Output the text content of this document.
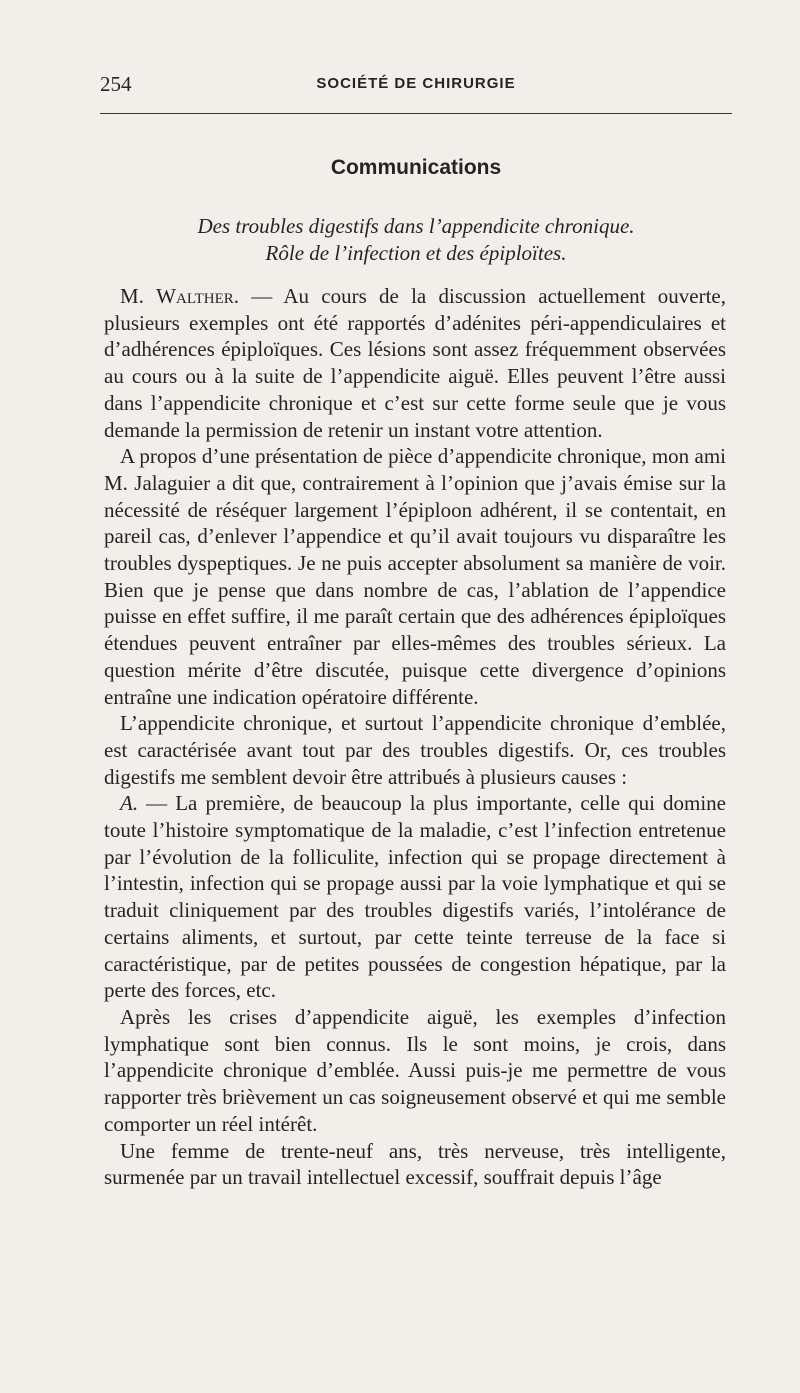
254	SOCIÉTÉ DE CHIRURGIE
Communications
Des troubles digestifs dans l’appendicite chronique.
Rôle de l’infection et des épiploïtes.

M. Walther. — Au cours de la discussion actuellement ouverte, plusieurs exemples ont été rapportés d’adénites péri-appendiculaires et d’adhérences épiploïques. Ces lésions sont assez fréquemment observées au cours ou à la suite de l’appendicite aiguë. Elles peuvent l’être aussi dans l’appendicite chronique et c’est sur cette forme seule que je vous demande la permission de retenir un instant votre attention.

A propos d’une présentation de pièce d’appendicite chronique, mon ami M. Jalaguier a dit que, contrairement à l’opinion que j’avais émise sur la nécessité de réséquer largement l’épiploon adhérent, il se contentait, en pareil cas, d’enlever l’appendice et qu’il avait toujours vu disparaître les troubles dyspeptiques. Je ne puis accepter absolument sa manière de voir. Bien que je pense que dans nombre de cas, l’ablation de l’appendice puisse en effet suffire, il me paraît certain que des adhérences épiploïques étendues peuvent entraîner par elles-mêmes des troubles sérieux. La question mérite d’être discutée, puisque cette divergence d’opinions entraîne une indication opératoire différente.

L’appendicite chronique, et surtout l’appendicite chronique d’emblée, est caractérisée avant tout par des troubles digestifs. Or, ces troubles digestifs me semblent devoir être attribués à plusieurs causes :

A. — La première, de beaucoup la plus importante, celle qui domine toute l’histoire symptomatique de la maladie, c’est l’infection entretenue par l’évolution de la folliculite, infection qui se propage directement à l’intestin, infection qui se propage aussi par la voie lymphatique et qui se traduit cliniquement par des troubles digestifs variés, l’intolérance de certains aliments, et surtout, par cette teinte terreuse de la face si caractéristique, par de petites poussées de congestion hépatique, par la perte des forces, etc.

Après les crises d’appendicite aiguë, les exemples d’infection lymphatique sont bien connus. Ils le sont moins, je crois, dans l’appendicite chronique d’emblée. Aussi puis-je me permettre de vous rapporter très brièvement un cas soigneusement observé et qui me semble comporter un réel intérêt.

Une femme de trente-neuf ans, très nerveuse, très intelligente, surmenée par un travail intellectuel excessif, souffrait depuis l’âge
